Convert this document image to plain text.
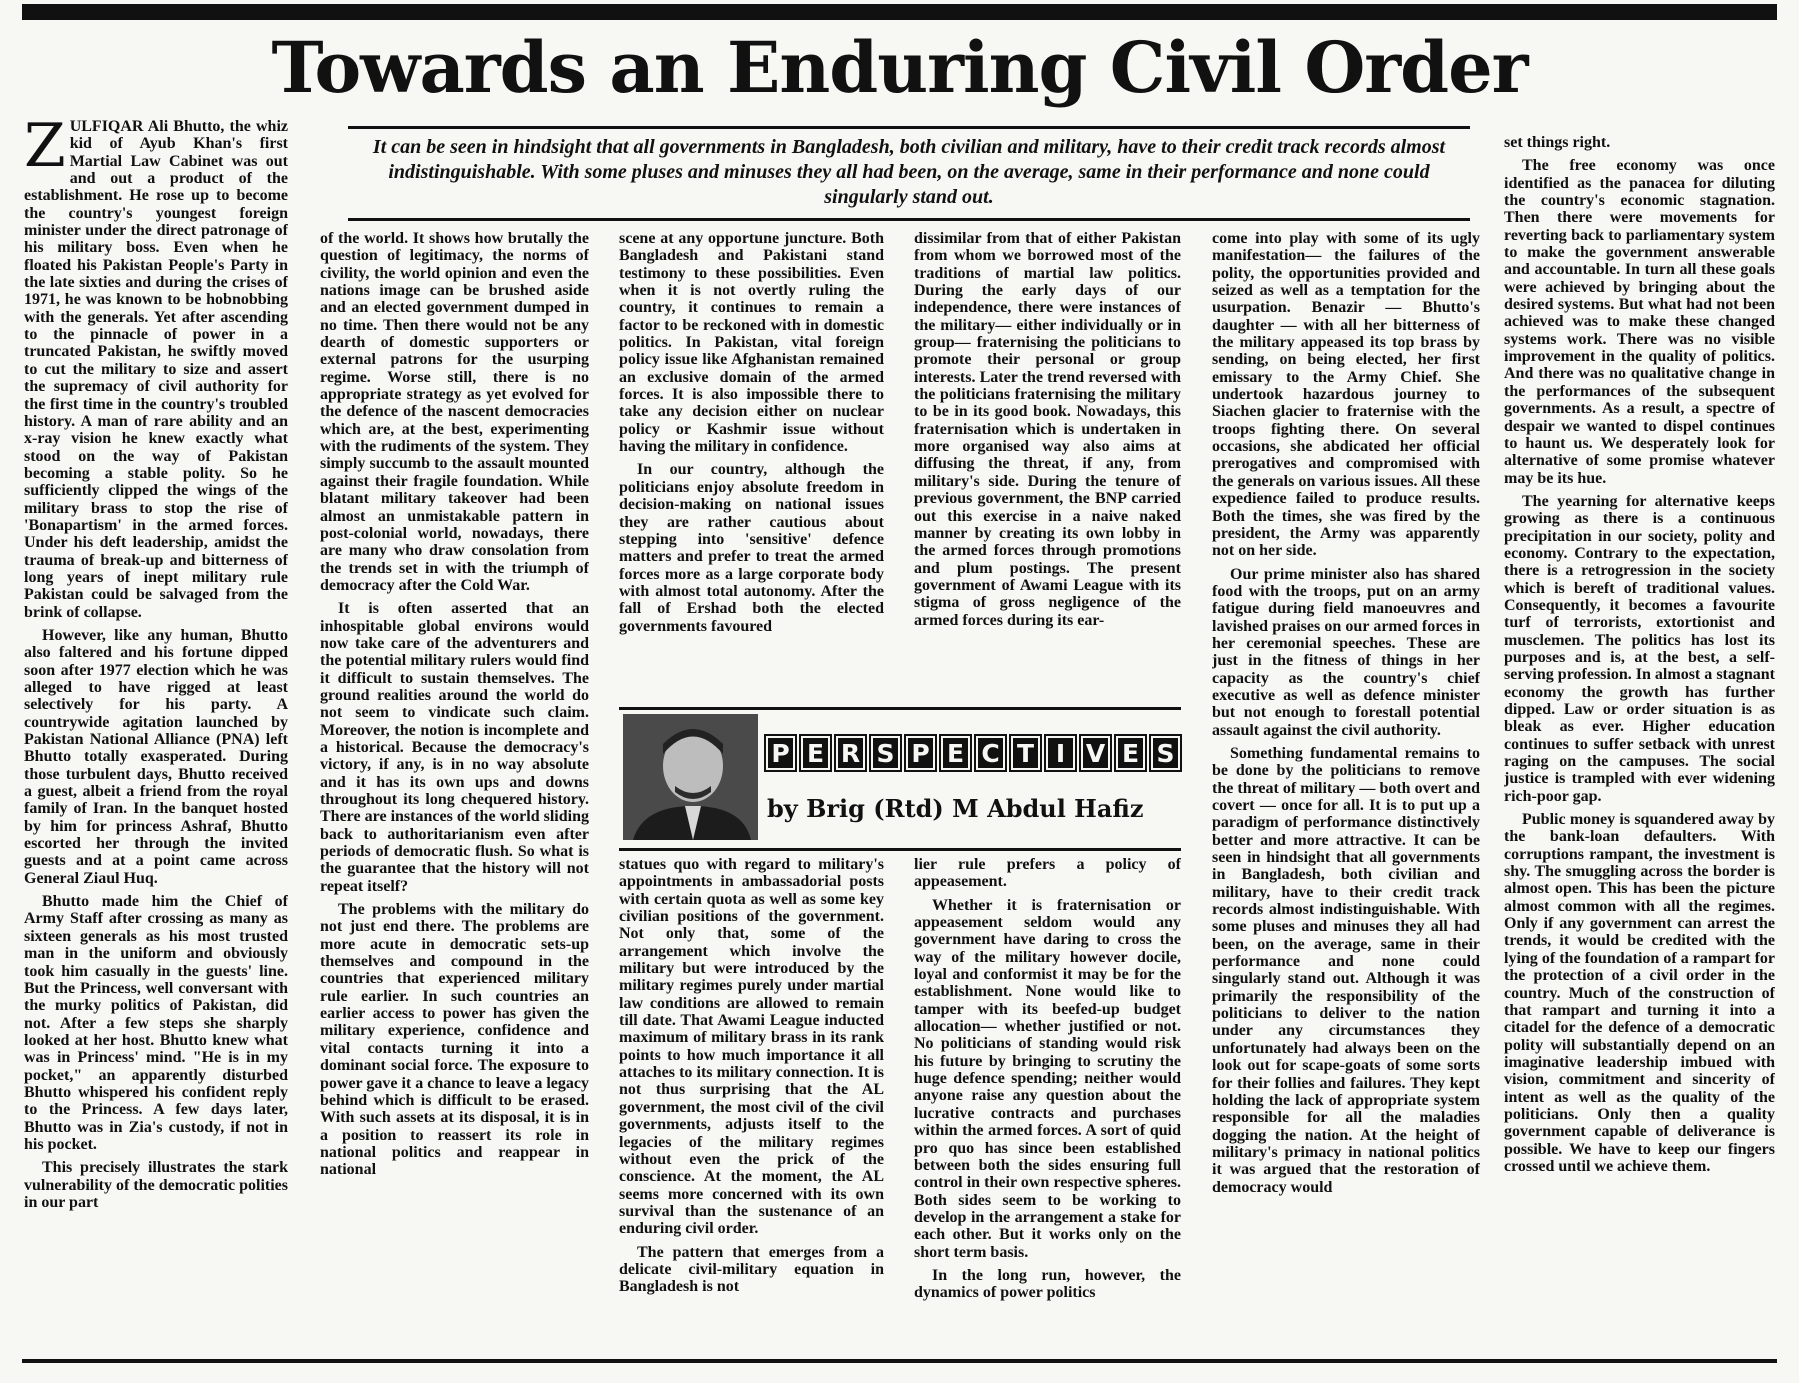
Towards an Enduring Civil Order

It can be seen in hindsight that all governments in Bangladesh, both civilian and military, have to their credit track records almost indistinguishable. With some pluses and minuses they all had been, on the average, same in their performance and none could singularly stand out.

ZULFIQAR Ali Bhutto, the whiz kid of Ayub Khan's first Martial Law Cabinet was out and out a product of the establishment. He rose up to become the country's youngest foreign minister under the direct patronage of his military boss. Even when he floated his Pakistan People's Party in the late sixties and during the crises of 1971, he was known to be hobnobbing with the generals. Yet after ascending to the pinnacle of power in a truncated Pakistan, he swiftly moved to cut the military to size and assert the supremacy of civil authority for the first time in the country's troubled history. A man of rare ability and an x-ray vision he knew exactly what stood on the way of Pakistan becoming a stable polity. So he sufficiently clipped the wings of the military brass to stop the rise of 'Bonapartism' in the armed forces. Under his deft leadership, amidst the trauma of break-up and bitterness of long years of inept military rule Pakistan could be salvaged from the brink of collapse.

However, like any human, Bhutto also faltered and his fortune dipped soon after 1977 election which he was alleged to have rigged at least selectively for his party. A countrywide agitation launched by Pakistan National Alliance (PNA) left Bhutto totally exasperated. During those turbulent days, Bhutto received a guest, albeit a friend from the royal family of Iran. In the banquet hosted by him for princess Ashraf, Bhutto escorted her through the invited guests and at a point came across General Ziaul Huq.

Bhutto made him the Chief of Army Staff after crossing as many as sixteen generals as his most trusted man in the uniform and obviously took him casually in the guests' line. But the Princess, well conversant with the murky politics of Pakistan, did not. After a few steps she sharply looked at her host. Bhutto knew what was in Princess' mind. "He is in my pocket," an apparently disturbed Bhutto whispered his confident reply to the Princess. A few days later, Bhutto was in Zia's custody, if not in his pocket.

This precisely illustrates the stark vulnerability of the democratic polities in our part

of the world. It shows how brutally the question of legitimacy, the norms of civility, the world opinion and even the nations image can be brushed aside and an elected government dumped in no time. Then there would not be any dearth of domestic supporters or external patrons for the usurping regime. Worse still, there is no appropriate strategy as yet evolved for the defence of the nascent democracies which are, at the best, experimenting with the rudiments of the system. They simply succumb to the assault mounted against their fragile foundation. While blatant military takeover had been almost an unmistakable pattern in post-colonial world, nowadays, there are many who draw consolation from the trends set in with the triumph of democracy after the Cold War.

It is often asserted that an inhospitable global environs would now take care of the adventurers and the potential military rulers would find it difficult to sustain themselves. The ground realities around the world do not seem to vindicate such claim. Moreover, the notion is incomplete and a historical. Because the democracy's victory, if any, is in no way absolute and it has its own ups and downs throughout its long chequered history. There are instances of the world sliding back to authoritarianism even after periods of democratic flush. So what is the guarantee that the history will not repeat itself?

The problems with the military do not just end there. The problems are more acute in democratic sets-up themselves and compound in the countries that experienced military rule earlier. In such countries an earlier access to power has given the military experience, confidence and vital contacts turning it into a dominant social force. The exposure to power gave it a chance to leave a legacy behind which is difficult to be erased. With such assets at its disposal, it is in a position to reassert its role in national politics and reappear in national

scene at any opportune juncture. Both Bangladesh and Pakistani stand testimony to these possibilities. Even when it is not overtly ruling the country, it continues to remain a factor to be reckoned with in domestic politics. In Pakistan, vital foreign policy issue like Afghanistan remained an exclusive domain of the armed forces. It is also impossible there to take any decision either on nuclear policy or Kashmir issue without having the military in confidence.

In our country, although the politicians enjoy absolute freedom in decision-making on national issues they are rather cautious about stepping into 'sensitive' defence matters and prefer to treat the armed forces more as a large corporate body with almost total autonomy. After the fall of Ershad both the elected governments favoured

dissimilar from that of either Pakistan from whom we borrowed most of the traditions of martial law politics. During the early days of our independence, there were instances of the military— either individually or in group— fraternising the politicians to promote their personal or group interests. Later the trend reversed with the politicians fraternising the military to be in its good book. Nowadays, this fraternisation which is undertaken in more organised way also aims at diffusing the threat, if any, from military's side. During the tenure of previous government, the BNP carried out this exercise in a naive naked manner by creating its own lobby in the armed forces through promotions and plum postings. The present government of Awami League with its stigma of gross negligence of the armed forces during its ear-

P E R S P E C T I V E S
by Brig (Rtd) M Abdul Hafiz

statues quo with regard to military's appointments in ambassadorial posts with certain quota as well as some key civilian positions of the government. Not only that, some of the arrangement which involve the military but were introduced by the military regimes purely under martial law conditions are allowed to remain till date. That Awami League inducted maximum of military brass in its rank points to how much importance it all attaches to its military connection. It is not thus surprising that the AL government, the most civil of the civil governments, adjusts itself to the legacies of the military regimes without even the prick of the conscience. At the moment, the AL seems more concerned with its own survival than the sustenance of an enduring civil order.

The pattern that emerges from a delicate civil-military equation in Bangladesh is not

lier rule prefers a policy of appeasement.

Whether it is fraternisation or appeasement seldom would any government have daring to cross the way of the military however docile, loyal and conformist it may be for the establishment. None would like to tamper with its beefed-up budget allocation— whether justified or not. No politicians of standing would risk his future by bringing to scrutiny the huge defence spending; neither would anyone raise any question about the lucrative contracts and purchases within the armed forces. A sort of quid pro quo has since been established between both the sides ensuring full control in their own respective spheres. Both sides seem to be working to develop in the arrangement a stake for each other. But it works only on the short term basis.

In the long run, however, the dynamics of power politics

come into play with some of its ugly manifestation— the failures of the polity, the opportunities provided and seized as well as a temptation for the usurpation. Benazir — Bhutto's daughter — with all her bitterness of the military appeased its top brass by sending, on being elected, her first emissary to the Army Chief. She undertook hazardous journey to Siachen glacier to fraternise with the troops fighting there. On several occasions, she abdicated her official prerogatives and compromised with the generals on various issues. All these expedience failed to produce results. Both the times, she was fired by the president, the Army was apparently not on her side.

Our prime minister also has shared food with the troops, put on an army fatigue during field manoeuvres and lavished praises on our armed forces in her ceremonial speeches. These are just in the fitness of things in her capacity as the country's chief executive as well as defence minister but not enough to forestall potential assault against the civil authority.

Something fundamental remains to be done by the politicians to remove the threat of military — both overt and covert — once for all. It is to put up a paradigm of performance distinctively better and more attractive. It can be seen in hindsight that all governments in Bangladesh, both civilian and military, have to their credit track records almost indistinguishable. With some pluses and minuses they all had been, on the average, same in their performance and none could singularly stand out. Although it was primarily the responsibility of the politicians to deliver to the nation under any circumstances they unfortunately had always been on the look out for scape-goats of some sorts for their follies and failures. They kept holding the lack of appropriate system responsible for all the maladies dogging the nation. At the height of military's primacy in national politics it was argued that the restoration of democracy would

set things right.

The free economy was once identified as the panacea for diluting the country's economic stagnation. Then there were movements for reverting back to parliamentary system to make the government answerable and accountable. In turn all these goals were achieved by bringing about the desired systems. But what had not been achieved was to make these changed systems work. There was no visible improvement in the quality of politics. And there was no qualitative change in the performances of the subsequent governments. As a result, a spectre of despair we wanted to dispel continues to haunt us. We desperately look for alternative of some promise whatever may be its hue.

The yearning for alternative keeps growing as there is a continuous precipitation in our society, polity and economy. Contrary to the expectation, there is a retrogression in the society which is bereft of traditional values. Consequently, it becomes a favourite turf of terrorists, extortionist and musclemen. The politics has lost its purposes and is, at the best, a self-serving profession. In almost a stagnant economy the growth has further dipped. Law or order situation is as bleak as ever. Higher education continues to suffer setback with unrest raging on the campuses. The social justice is trampled with ever widening rich-poor gap.

Public money is squandered away by the bank-loan defaulters. With corruptions rampant, the investment is shy. The smuggling across the border is almost open. This has been the picture almost common with all the regimes. Only if any government can arrest the trends, it would be credited with the lying of the foundation of a rampart for the protection of a civil order in the country. Much of the construction of that rampart and turning it into a citadel for the defence of a democratic polity will substantially depend on an imaginative leadership imbued with vision, commitment and sincerity of intent as well as the quality of the politicians. Only then a quality government capable of deliverance is possible. We have to keep our fingers crossed until we achieve them.
